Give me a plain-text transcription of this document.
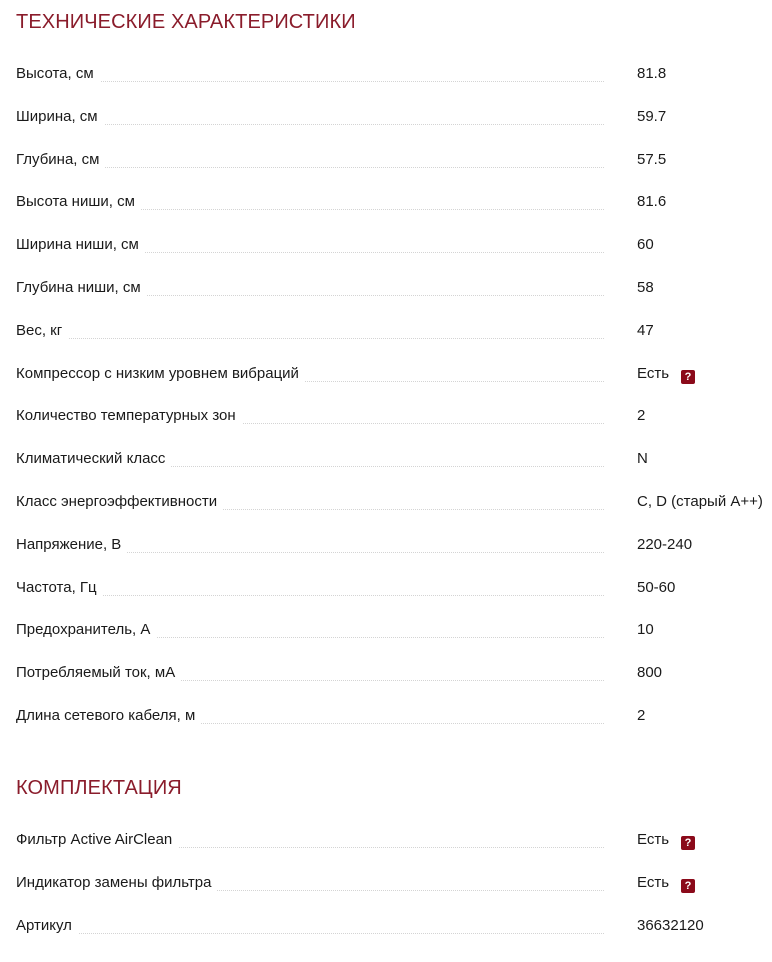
ТЕХНИЧЕСКИЕ ХАРАКТЕРИСТИКИ
Высота, см	81.8
Ширина, см	59.7
Глубина, см	57.5
Высота ниши, см	81.6
Ширина ниши, см	60
Глубина ниши, см	58
Вес, кг	47
Компрессор с низким уровнем вибраций	Есть ?
Количество температурных зон	2
Климатический класс	N
Класс энергоэффективности	C, D (старый A++)
Напряжение, В	220-240
Частота, Гц	50-60
Предохранитель, А	10
Потребляемый ток, мА	800
Длина сетевого кабеля, м	2
КОМПЛЕКТАЦИЯ
Фильтр Active AirClean	Есть ?
Индикатор замены фильтра	Есть ?
Артикул	36632120
